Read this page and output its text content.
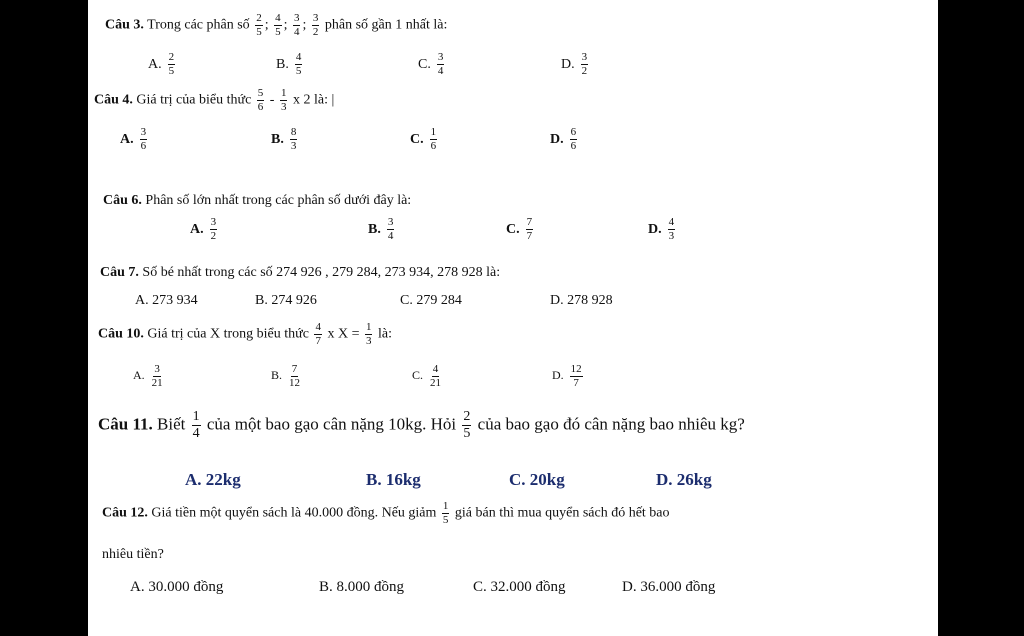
Câu 3. Trong các phân số $\frac{2}{5}$ ; $\frac{4}{5}$ ; $\frac{3}{4}$ ; $\frac{3}{2}$ phân số gần 1 nhất là:
A. $\frac{2}{5}$	B. $\frac{4}{5}$	C. $\frac{3}{4}$	D. $\frac{3}{2}$
Câu 4. Giá trị của biểu thức $\frac{5}{6} - \frac{1}{3}$ x 2 là: |
A. $\frac{3}{6}$	B. $\frac{8}{3}$	C. $\frac{1}{6}$	D. $\frac{6}{6}$
Câu 6. Phân số lớn nhất trong các phân số dưới đây là:
A. $\frac{3}{2}$	B. $\frac{3}{4}$	C. $\frac{7}{7}$	D. $\frac{4}{3}$
Câu 7. Số bé nhất trong các số 274 926 , 279 284, 273 934, 278 928 là:
A. 273 934	B. 274 926	C. 279 284	D. 278 928
Câu 10. Giá trị của X trong biểu thức $\frac{4}{7}$ x $X = \frac{1}{3}$ là:
A. $\frac{3}{21}$	B. $\frac{7}{12}$	C. $\frac{4}{21}$	D. $\frac{12}{7}$
Câu 11. Biết $\frac{1}{4}$ của một bao gạo cân nặng 10kg. Hỏi $\frac{2}{5}$ của bao gạo đó cân nặng bao nhiêu kg?
A. 22kg	B. 16kg	C. 20kg	D. 26kg
Câu 12. Giá tiền một quyển sách là 40.000 đồng. Nếu giảm $\frac{1}{5}$ giá bán thì mua quyển sách đó hết bao
nhiêu tiền?
A. 30.000 đồng	B. 8.000 đồng	C. 32.000 đồng	D. 36.000 đồng
